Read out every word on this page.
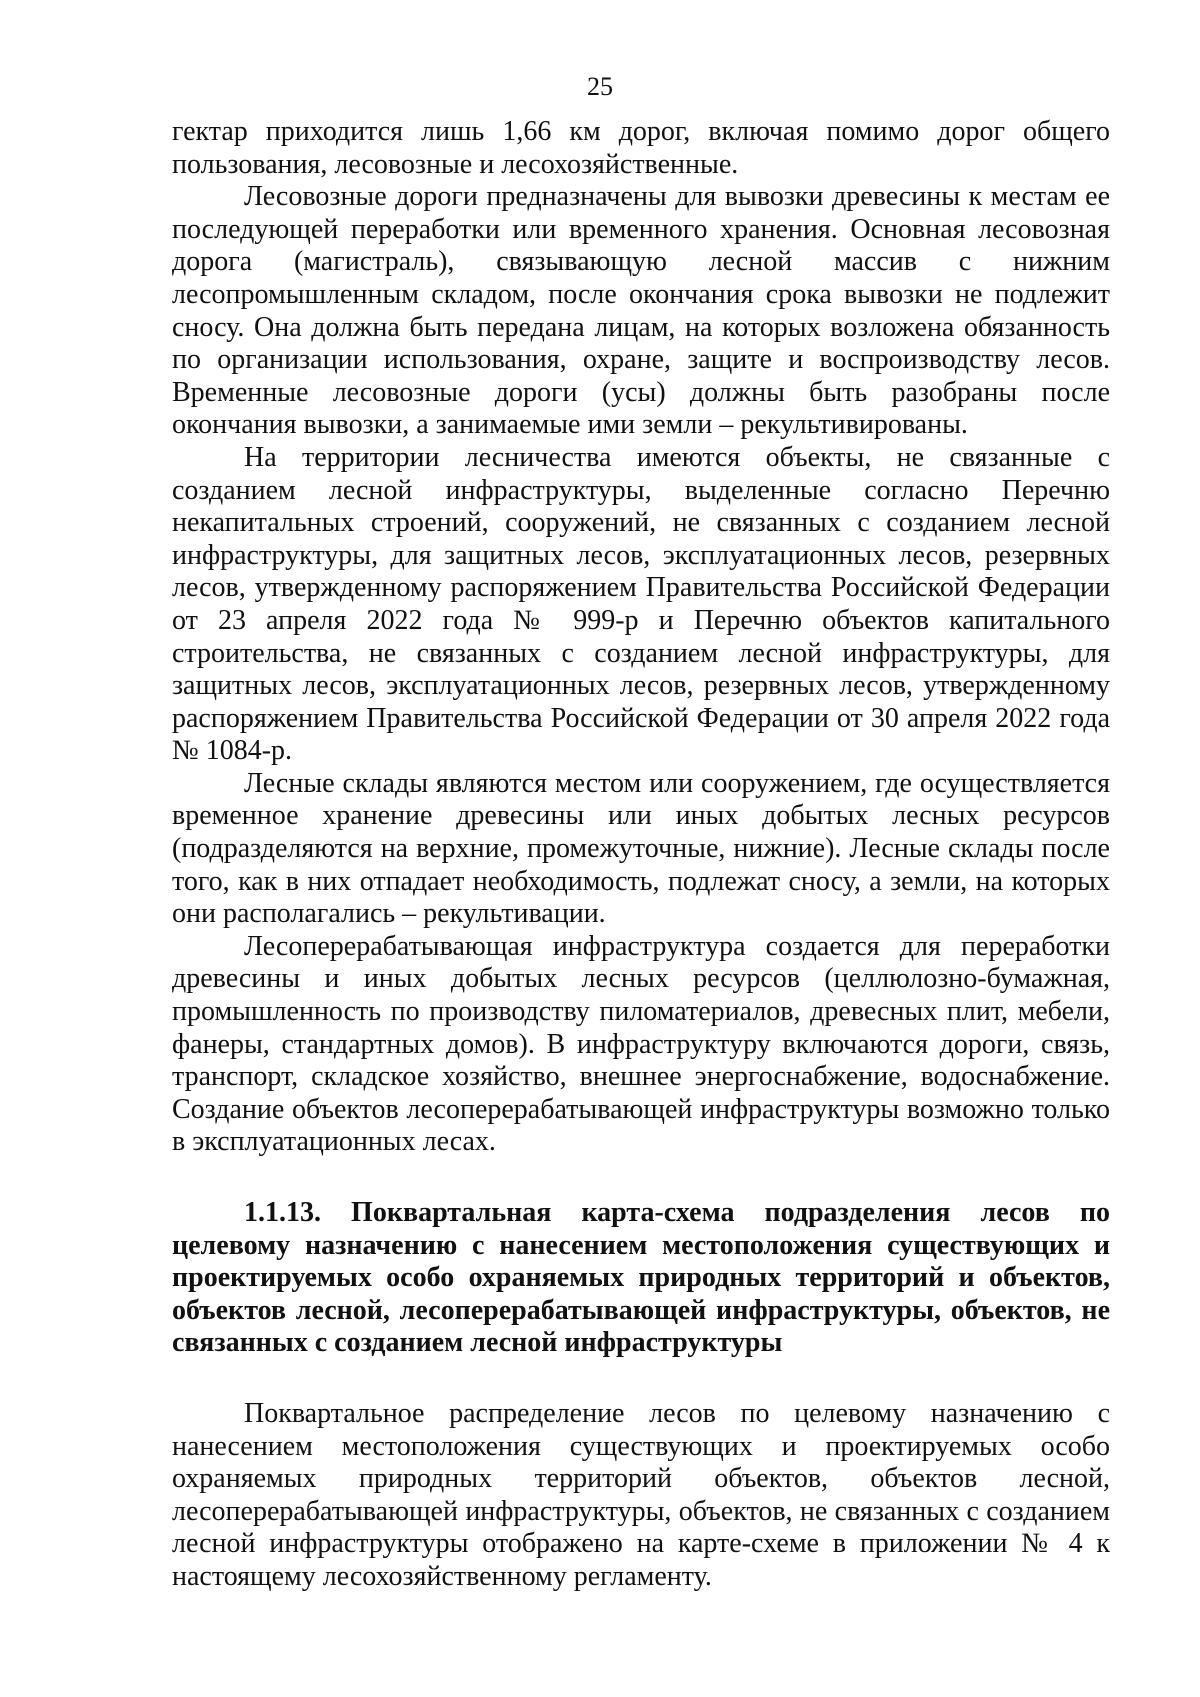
25

гектар приходится лишь 1,66 км дорог, включая помимо дорог общего пользования, лесовозные и лесохозяйственные.

Лесовозные дороги предназначены для вывозки древесины к местам ее последующей переработки или временного хранения. Основная лесовозная дорога (магистраль), связывающую лесной массив с нижним лесопромышленным складом, после окончания срока вывозки не подлежит сносу. Она должна быть передана лицам, на которых возложена обязанность по организации использования, охране, защите и воспроизводству лесов. Временные лесовозные дороги (усы) должны быть разобраны после окончания вывозки, а занимаемые ими земли – рекультивированы.

На территории лесничества имеются объекты, не связанные с созданием лесной инфраструктуры, выделенные согласно Перечню некапитальных строений, сооружений, не связанных с созданием лесной инфраструктуры, для защитных лесов, эксплуатационных лесов, резервных лесов, утвержденному распоряжением Правительства Российской Федерации от 23 апреля 2022 года № 999-р и Перечню объектов капитального строительства, не связанных с созданием лесной инфраструктуры, для защитных лесов, эксплуатационных лесов, резервных лесов, утвержденному распоряжением Правительства Российской Федерации от 30 апреля 2022 года № 1084-р.

Лесные склады являются местом или сооружением, где осуществляется временное хранение древесины или иных добытых лесных ресурсов (подразделяются на верхние, промежуточные, нижние). Лесные склады после того, как в них отпадает необходимость, подлежат сносу, а земли, на которых они располагались – рекультивации.

Лесоперерабатывающая инфраструктура создается для переработки древесины и иных добытых лесных ресурсов (целлюлозно-бумажная, промышленность по производству пиломатериалов, древесных плит, мебели, фанеры, стандартных домов). В инфраструктуру включаются дороги, связь, транспорт, складское хозяйство, внешнее энергоснабжение, водоснабжение. Создание объектов лесоперерабатывающей инфраструктуры возможно только в эксплуатационных лесах.

1.1.13. Поквартальная карта-схема подразделения лесов по целевому назначению с нанесением местоположения существующих и проектируемых особо охраняемых природных территорий и объектов, объектов лесной, лесоперерабатывающей инфраструктуры, объектов, не связанных с созданием лесной инфраструктуры

Поквартальное распределение лесов по целевому назначению с нанесением местоположения существующих и проектируемых особо охраняемых природных территорий объектов, объектов лесной, лесоперерабатывающей инфраструктуры, объектов, не связанных с созданием лесной инфраструктуры отображено на карте-схеме в приложении № 4 к настоящему лесохозяйственному регламенту.
